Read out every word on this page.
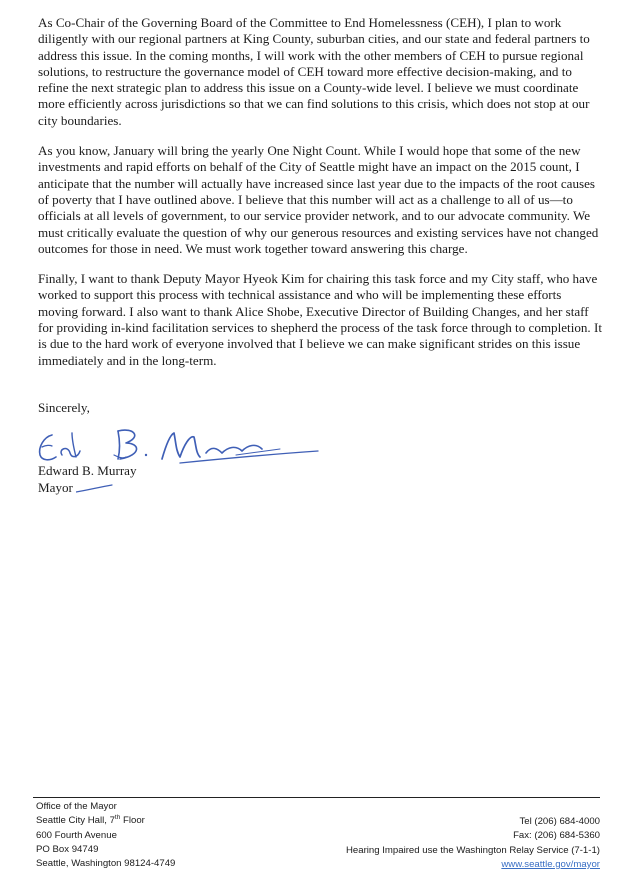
As Co-Chair of the Governing Board of the Committee to End Homelessness (CEH), I plan to work diligently with our regional partners at King County, suburban cities, and our state and federal partners to address this issue. In the coming months, I will work with the other members of CEH to pursue regional solutions, to restructure the governance model of CEH toward more effective decision-making, and to refine the next strategic plan to address this issue on a County-wide level. I believe we must coordinate more efficiently across jurisdictions so that we can find solutions to this crisis, which does not stop at our city boundaries.

As you know, January will bring the yearly One Night Count. While I would hope that some of the new investments and rapid efforts on behalf of the City of Seattle might have an impact on the 2015 count, I anticipate that the number will actually have increased since last year due to the impacts of the root causes of poverty that I have outlined above. I believe that this number will act as a challenge to all of us—to officials at all levels of government, to our service provider network, and to our advocate community. We must critically evaluate the question of why our generous resources and existing services have not changed outcomes for those in need. We must work together toward answering this charge.

Finally, I want to thank Deputy Mayor Hyeok Kim for chairing this task force and my City staff, who have worked to support this process with technical assistance and who will be implementing these efforts moving forward. I also want to thank Alice Shobe, Executive Director of Building Changes, and her staff for providing in-kind facilitation services to shepherd the process of the task force through to completion. It is due to the hard work of everyone involved that I believe we can make significant strides on this issue immediately and in the long-term.

Sincerely,
Edward B. Murray
Mayor
Office of the Mayor
Seattle City Hall, 7th Floor
600 Fourth Avenue
PO Box 94749
Seattle, Washington 98124-4749
Tel (206) 684-4000
Fax: (206) 684-5360
Hearing Impaired use the Washington Relay Service (7-1-1)
www.seattle.gov/mayor
